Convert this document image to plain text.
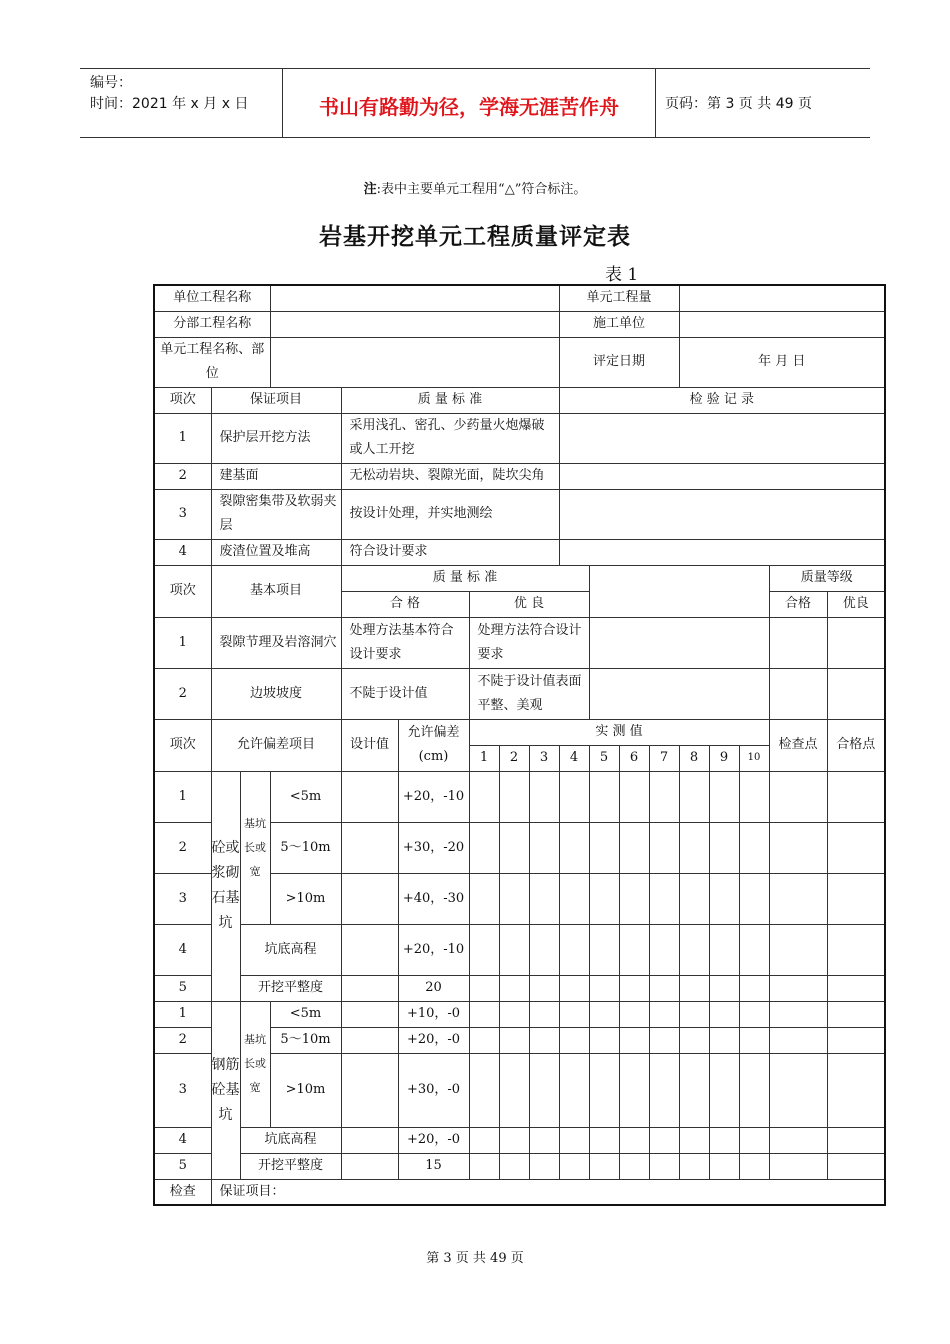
编号：
时间：2021 年 x 月 x 日	书山有路勤为径，学海无涯苦作舟	页码：第 3 页 共 49 页
注:表中主要单元工程用“△”符合标注。
岩基开挖单元工程质量评定表
表 1
单位工程名称									单元工程量								
分部工程名称									施工单位								
单元工程名称、部位									评定日期				年 月 日				
项次	保证项目			质 量 标 准					检 验 记 录								
1	保护层开挖方法			采用浅孔、密孔、少药量火炮爆破或人工开挖													
2	建基面			无松动岩块、裂隙光面，陡坎尖角													
3	裂隙密集带及软弱夹层			按设计处理，并实地测绘													
4	废渣位置及堆高			符合设计要求													
项次	基本项目			质 量 标 准												质量等级	
				合 格		优 良										合格	优良
1	裂隙节理及岩溶洞穴			处理方法基本符合设计要求		处理方法符合设计要求											
2	边坡坡度			不陡于设计值		不陡于设计值表面平整、美观											
项次	允许偏差项目			设计值	允许偏差(cm)	实 测 值										检查点	合格点
						1	2	3	4	5	6	7	8	9	10		
1	砼或浆砌石基坑	基坑长或宽	<5m		+20，-10												
2			5～10m		+30，-20												
3			>10m		+40，-30												
4		坑底高程			+20，-10												
5		开挖平整度			20												
1	钢筋砼基坑	基坑长或宽	<5m		+10，-0												
2			5～10m		+20，-0												
3			>10m		+30，-0												
4		坑底高程			+20，-0												
5		开挖平整度			15												
检查	保证项目：																
第 3 页 共 49 页
